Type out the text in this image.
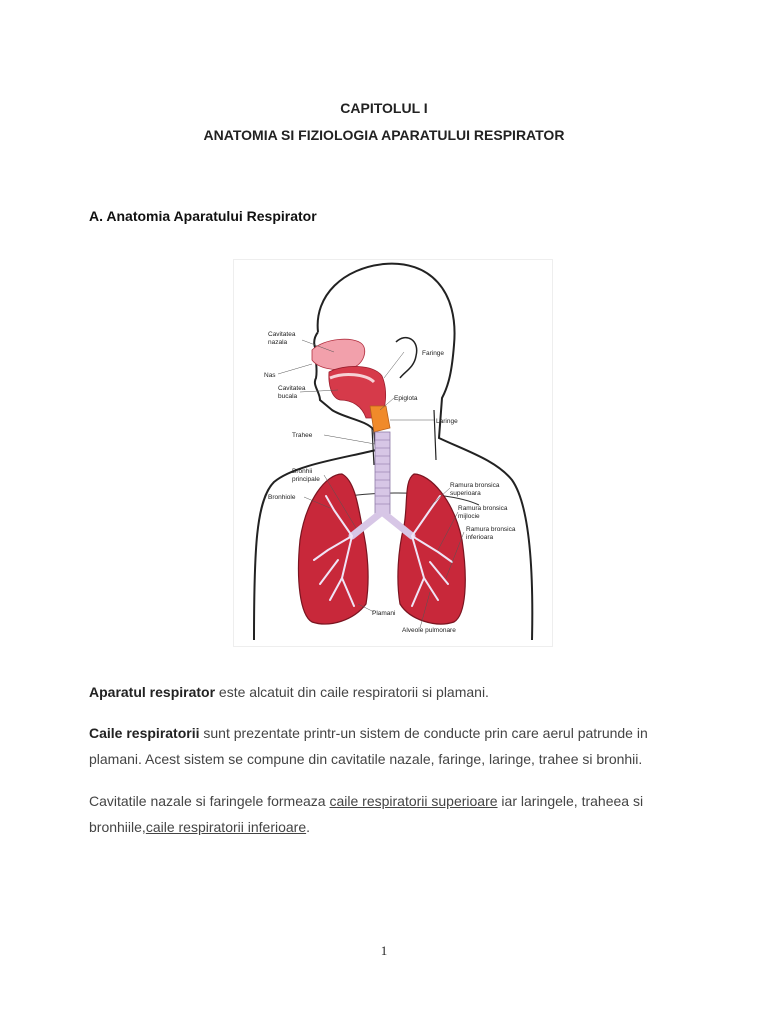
CAPITOLUL I
ANATOMIA SI FIZIOLOGIA APARATULUI RESPIRATOR
A. Anatomia Aparatului Respirator
Cavitatea
nazala
Nas
Cavitatea
bucala
Faringe
Epiglota
Laringe
Trahee
Bronhii
principale
Bronhiole
Ramura bronsica
superioara
Ramura bronsica
mijlocie
Ramura bronsica
inferioara
Plamani
Alveole pulmonare
Aparatul respirator este alcatuit din caile respiratorii si plamani.
Caile respiratorii sunt prezentate printr-un sistem de conducte prin care aerul patrunde in
plamani. Acest sistem se compune din cavitatile nazale, faringe, laringe, trahee si bronhii.
Cavitatile nazale si faringele formeaza caile respiratorii superioare iar laringele, traheea si
bronhiile,caile respiratorii inferioare.
1
